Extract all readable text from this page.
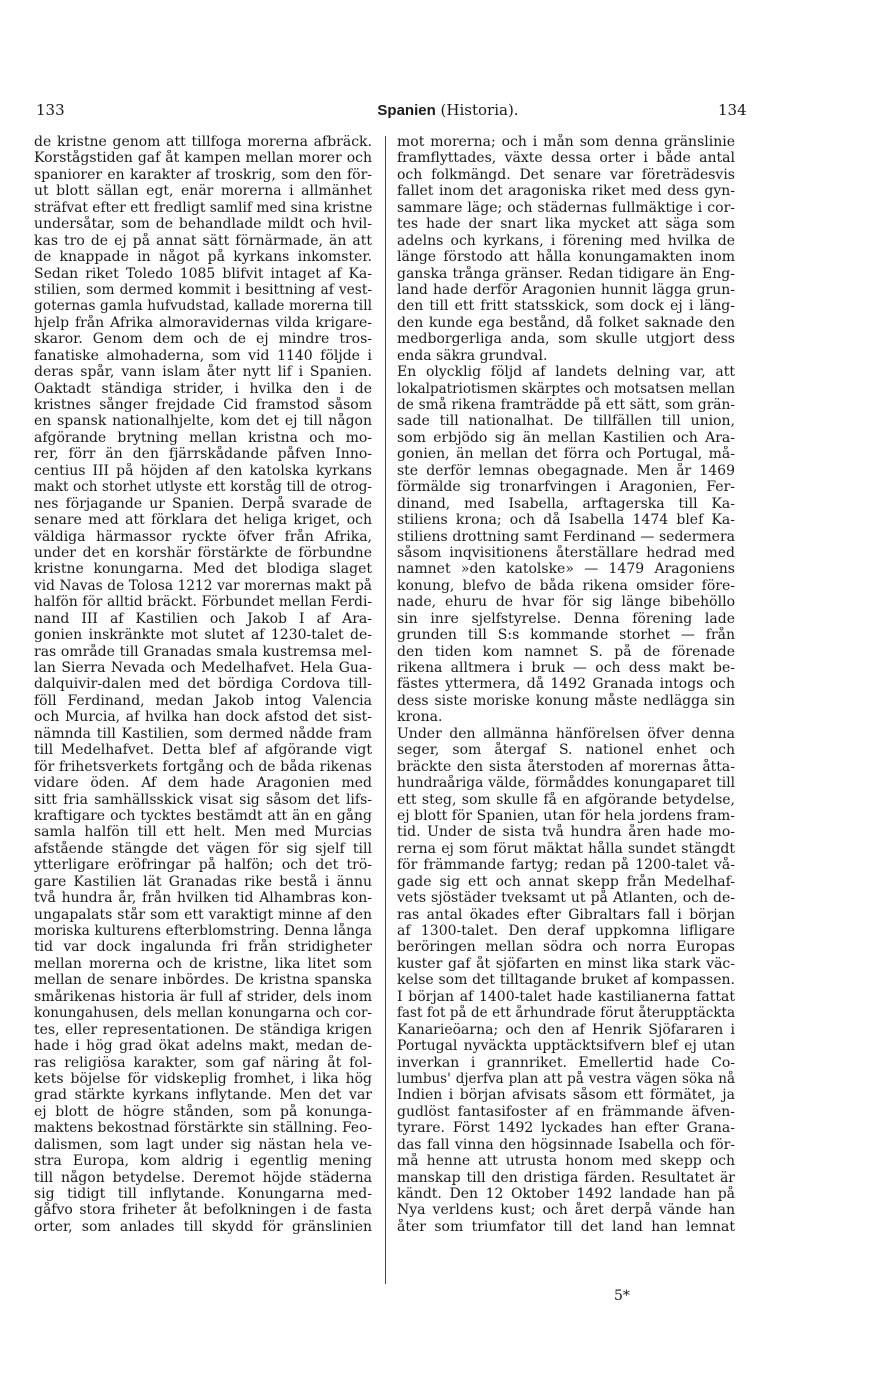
133	Spanien (Historia).	134
de kristne genom att tillfoga morerna afbräck.
Korstågstiden gaf åt kampen mellan morer och
spaniorer en karakter af troskrig, som den för-
ut blott sällan egt, enär morerna i allmänhet
sträfvat efter ett fredligt samlif med sina kristne
undersåtar, som de behandlade mildt och hvil-
kas tro de ej på annat sätt förnärmade, än att
de knappade in något på kyrkans inkomster.
Sedan riket Toledo 1085 blifvit intaget af Ka-
stilien, som dermed kommit i besittning af vest-
goternas gamla hufvudstad, kallade morerna till
hjelp från Afrika almoravidernas vilda krigare-
skaror. Genom dem och de ej mindre tros-
fanatiske almohaderna, som vid 1140 följde i
deras spår, vann islam åter nytt lif i Spanien.
Oaktadt ständiga strider, i hvilka den i de
kristnes sånger frejdade Cid framstod såsom
en spansk nationalhjelte, kom det ej till någon
afgörande brytning mellan kristna och mo-
rer, förr än den fjärrskådande påfven Inno-
centius III på höjden af den katolska kyrkans
makt och storhet utlyste ett korståg till de otrog-
nes förjagande ur Spanien. Derpå svarade de
senare med att förklara det heliga kriget, och
väldiga härmassor ryckte öfver från Afrika,
under det en korshär förstärkte de förbundne
kristne konungarna. Med det blodiga slaget
vid Navas de Tolosa 1212 var morernas makt på
halfön för alltid bräckt. Förbundet mellan Ferdi-
nand III af Kastilien och Jakob I af Ara-
gonien inskränkte mot slutet af 1230-talet de-
ras område till Granadas smala kustremsa mel-
lan Sierra Nevada och Medelhafvet. Hela Gua-
dalquivir-dalen med det bördiga Cordova till-
föll Ferdinand, medan Jakob intog Valencia
och Murcia, af hvilka han dock afstod det sist-
nämnda till Kastilien, som dermed nådde fram
till Medelhafvet. Detta blef af afgörande vigt
för frihetsverkets fortgång och de båda rikenas
vidare öden. Af dem hade Aragonien med
sitt fria samhällsskick visat sig såsom det lifs-
kraftigare och tycktes bestämdt att än en gång
samla halfön till ett helt. Men med Murcias
afstående stängde det vägen för sig sjelf till
ytterligare eröfringar på halfön; och det trö-
gare Kastilien lät Granadas rike bestå i ännu
två hundra år, från hvilken tid Alhambras kon-
ungapalats står som ett varaktigt minne af den
moriska kulturens efterblomstring. Denna långa
tid var dock ingalunda fri från stridigheter
mellan morerna och de kristne, lika litet som
mellan de senare inbördes. De kristna spanska
smårikenas historia är full af strider, dels inom
konungahusen, dels mellan konungarna och cor-
tes, eller representationen. De ständiga krigen
hade i hög grad ökat adelns makt, medan de-
ras religiösa karakter, som gaf näring åt fol-
kets böjelse för vidskeplig fromhet, i lika hög
grad stärkte kyrkans inflytande. Men det var
ej blott de högre stånden, som på konunga-
maktens bekostnad förstärkte sin ställning. Feo-
dalismen, som lagt under sig nästan hela ve-
stra Europa, kom aldrig i egentlig mening
till någon betydelse. Deremot höjde städerna
sig tidigt till inflytande. Konungarna med-
gåfvo stora friheter åt befolkningen i de fasta
orter, som anlades till skydd för gränslinien
mot morerna; och i mån som denna gränslinie
framflyttades, växte dessa orter i både antal
och folkmängd. Det senare var företrädesvis
fallet inom det aragoniska riket med dess gyn-
sammare läge; och städernas fullmäktige i cor-
tes hade der snart lika mycket att säga som
adelns och kyrkans, i förening med hvilka de
länge förstodo att hålla konungamakten inom
ganska trånga gränser. Redan tidigare än Eng-
land hade derför Aragonien hunnit lägga grun-
den till ett fritt statsskick, som dock ej i läng-
den kunde ega bestånd, då folket saknade den
medborgerliga anda, som skulle utgjort dess
enda säkra grundval.
En olycklig följd af landets delning var, att
lokalpatriotismen skärptes och motsatsen mellan
de små rikena framträdde på ett sätt, som grän-
sade till nationalhat. De tillfällen till union,
som erbjödo sig än mellan Kastilien och Ara-
gonien, än mellan det förra och Portugal, må-
ste derför lemnas obegagnade. Men år 1469
förmälde sig tronarfvingen i Aragonien, Fer-
dinand, med Isabella, arftagerska till Ka-
stiliens krona; och då Isabella 1474 blef Ka-
stiliens drottning samt Ferdinand — sedermera
såsom inqvisitionens återställare hedrad med
namnet »den katolske» — 1479 Aragoniens
konung, blefvo de båda rikena omsider före-
nade, ehuru de hvar för sig länge bibehöllo
sin inre sjelfstyrelse. Denna förening lade
grunden till S:s kommande storhet — från
den tiden kom namnet S. på de förenade
rikena alltmera i bruk — och dess makt be-
fästes yttermera, då 1492 Granada intogs och
dess siste moriske konung måste nedlägga sin
krona.
Under den allmänna hänförelsen öfver denna
seger, som återgaf S. nationel enhet och
bräckte den sista återstoden af morernas åtta-
hundraåriga välde, förmåddes konungaparet till
ett steg, som skulle få en afgörande betydelse,
ej blott för Spanien, utan för hela jordens fram-
tid. Under de sista två hundra åren hade mo-
rerna ej som förut mäktat hålla sundet stängdt
för främmande fartyg; redan på 1200-talet vå-
gade sig ett och annat skepp från Medelhaf-
vets sjöstäder tveksamt ut på Atlanten, och de-
ras antal ökades efter Gibraltars fall i början
af 1300-talet. Den deraf uppkomna lifligare
beröringen mellan södra och norra Europas
kuster gaf åt sjöfarten en minst lika stark väc-
kelse som det tilltagande bruket af kompassen.
I början af 1400-talet hade kastilianerna fattat
fast fot på de ett århundrade förut återupptäckta
Kanarieöarna; och den af Henrik Sjöfararen i
Portugal nyväckta upptäcktsifvern blef ej utan
inverkan i grannriket. Emellertid hade Co-
lumbus' djerfva plan att på vestra vägen söka nå
Indien i början afvisats såsom ett förmätet, ja
gudlöst fantasifoster af en främmande äfven-
tyrare. Först 1492 lyckades han efter Grana-
das fall vinna den högsinnade Isabella och för-
må henne att utrusta honom med skepp och
manskap till den dristiga färden. Resultatet är
kändt. Den 12 Oktober 1492 landade han på
Nya verldens kust; och året derpå vände han
åter som triumfator till det land han lemnat
5*
